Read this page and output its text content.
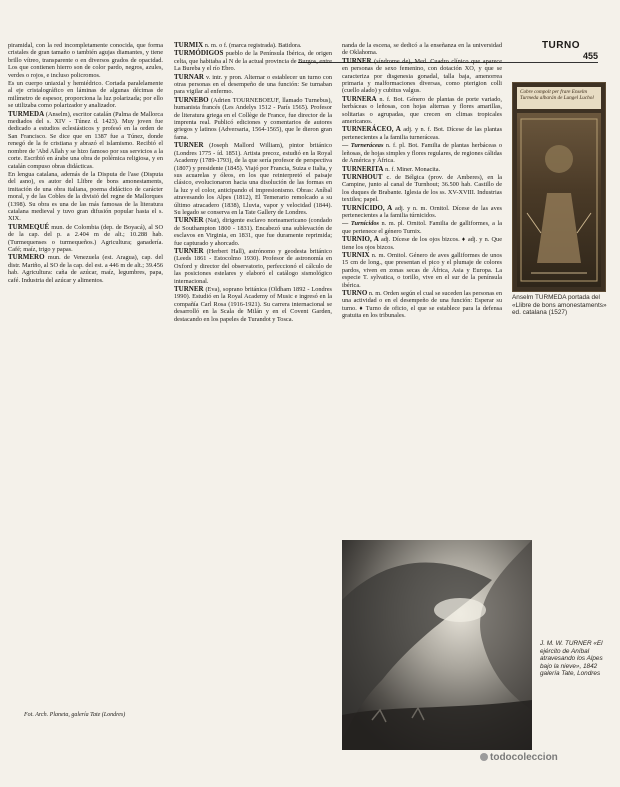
TURNO
455

piramidal, con la red incompletamente conocida, que forma cristales de gran tamaño o también agujas diamantes, y tiene brillo vítreo, transparente o en diversos grados de opacidad. Los que contienen hierro son de color pardo, negros, azules, verdes o rojos, e incluso policromos.

Es un cuerpo uniaxial y hemiédrico. Cortada paralelamente al eje cristalográfico en láminas de algunas décimas de milímetro de espesor, proporciona la luz polarizada; por ello se utilizaba como polarizador y analizador.

TURMEDA (Anselm), escritor catalán (Palma de Mallorca mediados del s. XIV - Túnez d. 1423). Muy joven fue dedicado a estudios eclesiásticos y profesó en la orden de San Francisco. Se dice que en 1387 fue a Túnez, donde renegó de la fe cristiana y abrazó el islamismo. Recibió el nombre de 'Abd Allah y se hizo famoso por sus servicios a la corte. Escribió en árabe una obra de polémica religiosa, y en catalán compuso obras didácticas.

En lengua catalana, además de la Disputa de l'ase (Disputa del asno), es autor del Llibre de bons amonestaments, imitación de una obra italiana, poema didáctico de carácter moral, y de las Cobles de la divisió del regne de Mallorques (1398). Su obra es una de las más famosas de la literatura catalana medieval y tuvo gran difusión popular hasta el s. XIX.

TURMEQUÉ mun. de Colombia (dep. de Boyacá), al SO de la cap. del p. a 2.404 m de alt.; 10.288 hab. (Turmequenses o turmequeños.) Agricultura; ganadería. Café; maíz, trigo y papas.

TURMERO mun. de Venezuela (est. Aragua), cap. del distr. Mariño, al SO de la cap. del est. a 446 m de alt.; 39.456 hab. Agricultura: caña de azúcar, maíz, legumbres, papa, café. Industria del azúcar y alimentos.

TURMIX n. m. o f. (marca registrada). Batidora.

TURMÓDIGOS pueblo de la Península Ibérica, de origen celta, que habitaba al N de la actual provincia de Burgos, entre La Bureba y el río Ebro.

TURNAR v. intr. y pron. Alternar o establecer un turno con otras personas en el desempeño de una función: Se turnaban para vigilar al enfermo.

TURNEBO (Adrien TOURNEBOEUF, llamado Turnebus), humanista francés (Les Andelys 1512 - París 1565). Profesor de literatura griega en el Collège de France, fue director de la imprenta real. Publicó ediciones y comentarios de autores griegos y latinos (Adversaria, 1564-1565), que le dieron gran fama.

TURNER (Joseph Mallord William), pintor británico (Londres 1775 - íd. 1851). Artista precoz, estudió en la Royal Academy (1789-1793), de la que sería profesor de perspectiva (1807) y presidente (1845). Viajó por Francia, Suiza e Italia, y sus acuarelas y óleos, en los que reinterpretó el paisaje clásico, evolucionaron hacia una disolución de las formas en la luz y el color, anticipando el impresionismo. Obras: Aníbal atravesando los Alpes (1812), El Temerario remolcado a su último atracadero (1838), Lluvia, vapor y velocidad (1844). Su legado se conserva en la Tate Gallery de Londres.

TURNER (Nat), dirigente esclavo norteamericano (condado de Southampton 1800 - 1831). Encabezó una sublevación de esclavos en Virginia, en 1831, que fue duramente reprimida; fue capturado y ahorcado.

TURNER (Herbert Hall), astrónomo y geodesta británico (Leeds 1861 - Estocolmo 1930). Profesor de astronomía en Oxford y director del observatorio, perfeccionó el cálculo de las posiciones estelares y elaboró el catálogo sismológico internacional.

TURNER (Eva), soprano británica (Oldham 1892 - Londres 1990). Estudió en la Royal Academy of Music e ingresó en la compañía Carl Rosa (1916-1921). Su carrera internacional se desarrolló en la Scala de Milán y en el Covent Garden, destacando en los papeles de Turandot y Tosca.

nanda de la escena, se dedicó a la enseñanza en la universidad de Oklahoma.

TURNER (síndrome de), Med. Cuadro clínico que aparece en personas de sexo femenino, con dotación XO, y que se caracteriza por disgenesia gonadal, talla baja, amenorrea primaria y malformaciones diversas, como pterigion colli (cuello alado) y cubitus valgus.

TURNERA n. f. Bot. Género de plantas de porte variado, herbáceas o leñosas, con hojas alternas y flores amarillas, solitarias o agrupadas, que crecen en climas tropicales americanos.

TURNERÁCEO, A adj. y n. f. Bot. Dícese de las plantas pertenecientes a la familia turneráceas.

— Turneráceas n. f. pl. Bot. Familia de plantas herbáceas o leñosas, de hojas simples y flores regulares, de regiones cálidas de América y África.

TURNERITA n. f. Miner. Monacita.

TURNHOUT c. de Bélgica (prov. de Amberes), en la Campine, junto al canal de Turnhout; 36.500 hab. Castillo de los duques de Brabante. Iglesia de los ss. XV-XVIII. Industrias textiles; papel.

TURNÍCIDO, A adj. y n. m. Ornitol. Dícese de las aves pertenecientes a la familia túrnicidos.

— Turnícidos n. m. pl. Ornitol. Familia de galliformes, a la que pertenece el género Turnix.

TURNIO, A adj. Dícese de los ojos bizcos. ♦ adj. y n. Que tiene los ojos bizcos.

TURNIX n. m. Ornitol. Género de aves galliformes de unos 15 cm de long., que presentan el pico y el plumaje de colores pardos, viven en zonas secas de África, Asia y Europa. La especie T. sylvatica, o torillo, vive en el sur de la península ibérica.

TURNO n. m. Orden según el cual se suceden las personas en una actividad o en el desempeño de una función: Esperar su turno. ♦ Turno de oficio, el que se establece para la defensa gratuita en los tribunales.

Cobre compolt per frare Enselm Turmeda albarán de Lungel Luchol
Anselm TURMEDA portada del «Llibre de bons amonestaments» ed. catalana (1527)
J. M. W. TURNER «El ejército de Aníbal atravesando los Alpes bajo la nieve», 1842 galería Tate, Londres
Fot. Arch. Planeta, galería Tate (Londres)
todocoleccion
